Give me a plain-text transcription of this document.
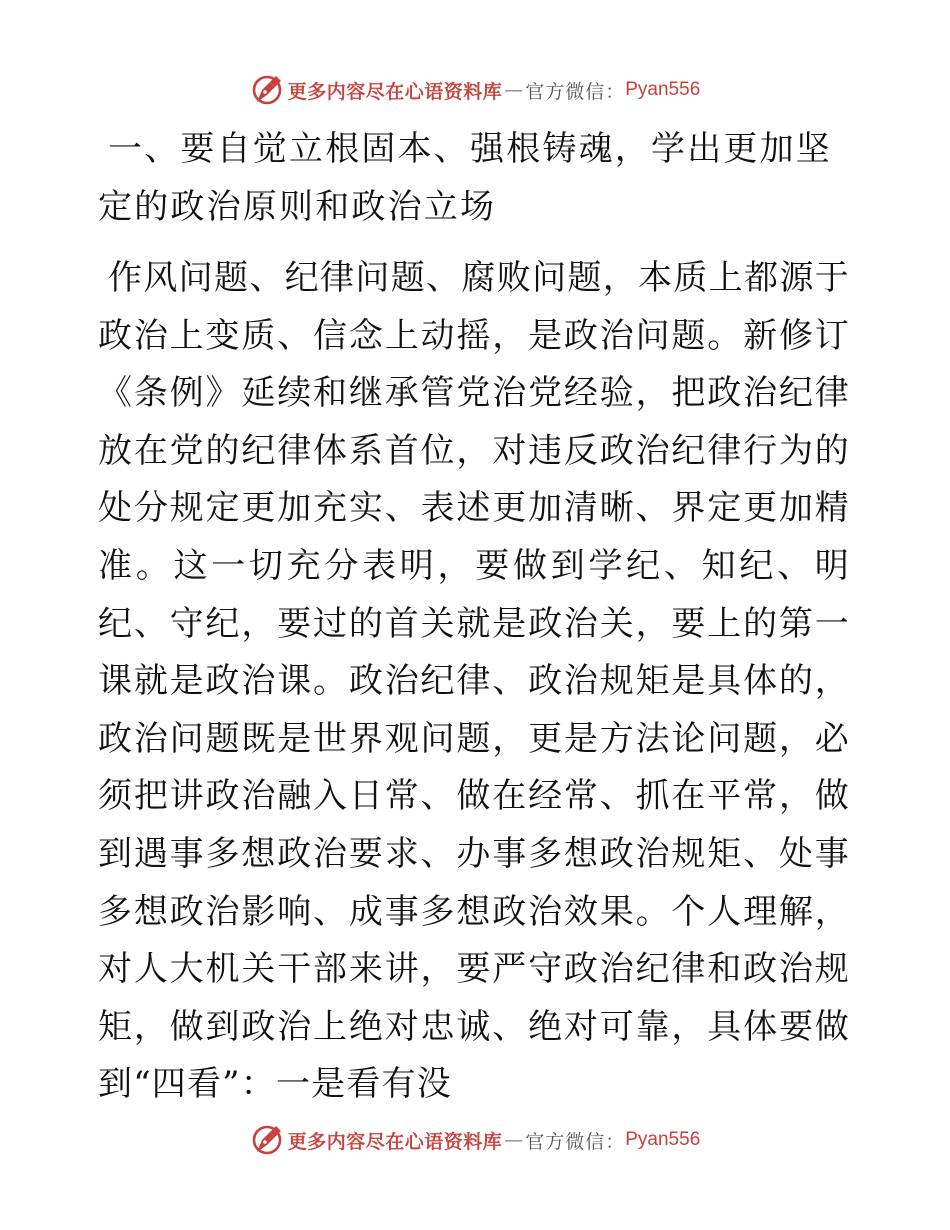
更多内容尽在心语资料库 — 官方微信： Pyan556
一、要自觉立根固本、强根铸魂，学出更加坚定的政治原则和政治立场

作风问题、纪律问题、腐败问题，本质上都源于政治上变质、信念上动摇，是政治问题。新修订《条例》延续和继承管党治党经验，把政治纪律放在党的纪律体系首位，对违反政治纪律行为的处分规定更加充实、表述更加清晰、界定更加精准。这一切充分表明，要做到学纪、知纪、明纪、守纪，要过的首关就是政治关，要上的第一课就是政治课。政治纪律、政治规矩是具体的，政治问题既是世界观问题，更是方法论问题，必须把讲政治融入日常、做在经常、抓在平常，做到遇事多想政治要求、办事多想政治规矩、处事多想政治影响、成事多想政治效果。个人理解，对人大机关干部来讲，要严守政治纪律和政治规矩，做到政治上绝对忠诚、绝对可靠，具体要做到“四看”：一是看有没

更多内容尽在心语资料库 — 官方微信： Pyan556
